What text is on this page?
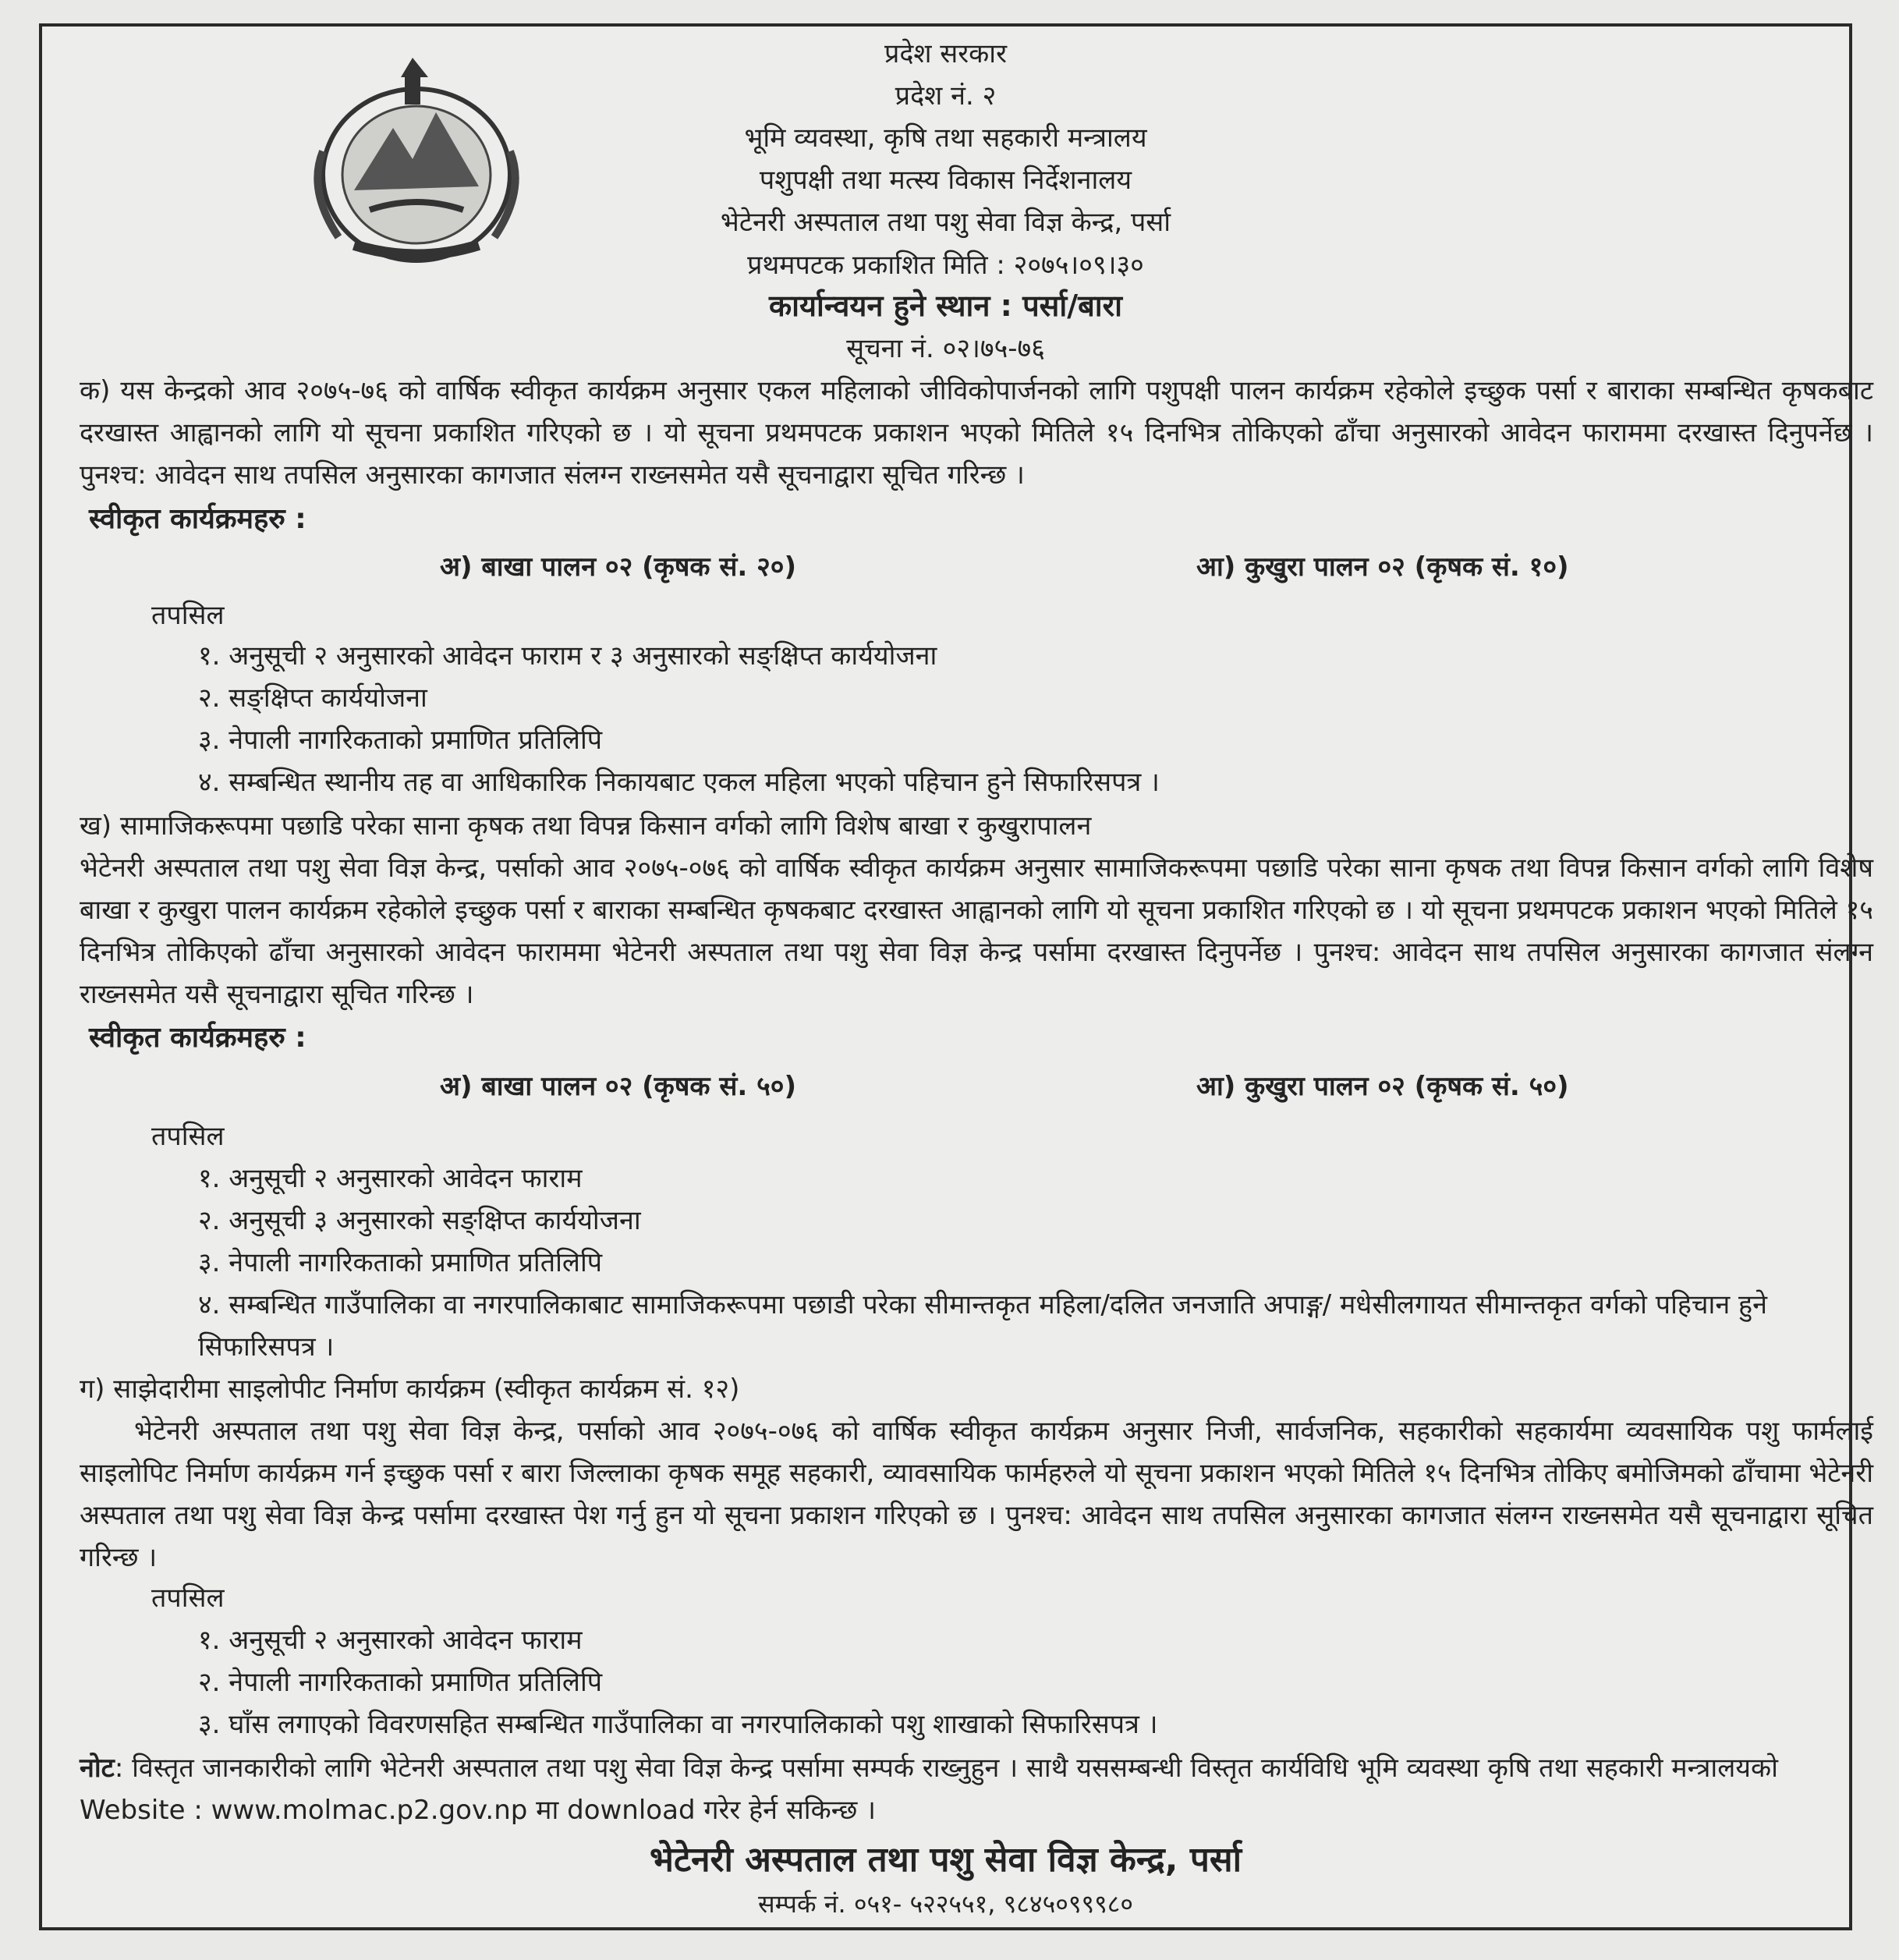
प्रदेश सरकार
प्रदेश नं. २
भूमि व्यवस्था, कृषि तथा सहकारी मन्त्रालय
पशुपक्षी तथा मत्स्य विकास निर्देशनालय
भेटेनरी अस्पताल तथा पशु सेवा विज्ञ केन्द्र, पर्सा
प्रथमपटक प्रकाशित मिति : २०७५।०९।३०
कार्यान्वयन हुने स्थान : पर्सा/बारा
सूचना नं. ०२।७५-७६
क) यस केन्द्रको आव २०७५-७६ को वार्षिक स्वीकृत कार्यक्रम अनुसार एकल महिलाको जीविकोपार्जनको लागि पशुपक्षी पालन कार्यक्रम रहेकोले इच्छुक पर्सा र बाराका सम्बन्धित कृषकबाट दरखास्त आह्वानको लागि यो सूचना प्रकाशित गरिएको छ । यो सूचना प्रथमपटक प्रकाशन भएको मितिले १५ दिनभित्र तोकिएको ढाँचा अनुसारको आवेदन फाराममा दरखास्त दिनुपर्नेछ । पुनश्च: आवेदन साथ तपसिल अनुसारका कागजात संलग्न राख्नसमेत यसै सूचनाद्वारा सूचित गरिन्छ ।
स्वीकृत कार्यक्रमहरु :
अ) बाखा पालन ०२ (कृषक सं. २०)	आ) कुखुरा पालन ०२ (कृषक सं. १०)
तपसिल
१. अनुसूची २ अनुसारको आवेदन फाराम र ३ अनुसारको सङ्क्षिप्त कार्ययोजना
२. सङ्क्षिप्त कार्ययोजना
३. नेपाली नागरिकताको प्रमाणित प्रतिलिपि
४. सम्बन्धित स्थानीय तह वा आधिकारिक निकायबाट एकल महिला भएको पहिचान हुने सिफारिसपत्र ।
ख) सामाजिकरूपमा पछाडि परेका साना कृषक तथा विपन्न किसान वर्गको लागि विशेष बाखा र कुखुरापालन
भेटेनरी अस्पताल तथा पशु सेवा विज्ञ केन्द्र, पर्साको आव २०७५-०७६ को वार्षिक स्वीकृत कार्यक्रम अनुसार सामाजिकरूपमा पछाडि परेका साना कृषक तथा विपन्न किसान वर्गको लागि विशेष बाखा र कुखुरा पालन कार्यक्रम रहेकोले इच्छुक पर्सा र बाराका सम्बन्धित कृषकबाट दरखास्त आह्वानको लागि यो सूचना प्रकाशित गरिएको छ । यो सूचना प्रथमपटक प्रकाशन भएको मितिले १५ दिनभित्र तोकिएको ढाँचा अनुसारको आवेदन फाराममा भेटेनरी अस्पताल तथा पशु सेवा विज्ञ केन्द्र पर्सामा दरखास्त दिनुपर्नेछ । पुनश्च: आवेदन साथ तपसिल अनुसारका कागजात संलग्न राख्नसमेत यसै सूचनाद्वारा सूचित गरिन्छ ।
स्वीकृत कार्यक्रमहरु :
अ) बाखा पालन ०२ (कृषक सं. ५०)	आ) कुखुरा पालन ०२ (कृषक सं. ५०)
तपसिल
१. अनुसूची २ अनुसारको आवेदन फाराम
२. अनुसूची ३ अनुसारको सङ्क्षिप्त कार्ययोजना
३. नेपाली नागरिकताको प्रमाणित प्रतिलिपि
४. सम्बन्धित गाउँपालिका वा नगरपालिकाबाट सामाजिकरूपमा पछाडी परेका सीमान्तकृत महिला/दलित जनजाति अपाङ्ग/ मधेसीलगायत सीमान्तकृत वर्गको पहिचान हुने सिफारिसपत्र ।
ग) साझेदारीमा साइलोपीट निर्माण कार्यक्रम (स्वीकृत कार्यक्रम सं. १२)
भेटेनरी अस्पताल तथा पशु सेवा विज्ञ केन्द्र, पर्साको आव २०७५-०७६ को वार्षिक स्वीकृत कार्यक्रम अनुसार निजी, सार्वजनिक, सहकारीको सहकार्यमा व्यवसायिक पशु फार्मलाई साइलोपिट निर्माण कार्यक्रम गर्न इच्छुक पर्सा र बारा जिल्लाका कृषक समूह सहकारी, व्यावसायिक फार्महरुले यो सूचना प्रकाशन भएको मितिले १५ दिनभित्र तोकिए बमोजिमको ढाँचामा भेटेनरी अस्पताल तथा पशु सेवा विज्ञ केन्द्र पर्सामा दरखास्त पेश गर्नु हुन यो सूचना प्रकाशन गरिएको छ । पुनश्च: आवेदन साथ तपसिल अनुसारका कागजात संलग्न राख्नसमेत यसै सूचनाद्वारा सूचित गरिन्छ ।
तपसिल
१. अनुसूची २ अनुसारको आवेदन फाराम
२. नेपाली नागरिकताको प्रमाणित प्रतिलिपि
३. घाँस लगाएको विवरणसहित सम्बन्धित गाउँपालिका वा नगरपालिकाको पशु शाखाको सिफारिसपत्र ।
नोट: विस्तृत जानकारीको लागि भेटेनरी अस्पताल तथा पशु सेवा विज्ञ केन्द्र पर्सामा सम्पर्क राख्नुहुन । साथै यससम्बन्धी विस्तृत कार्यविधि भूमि व्यवस्था कृषि तथा सहकारी मन्त्रालयको Website : www.molmac.p2.gov.np मा download गरेर हेर्न सकिन्छ ।
भेटेनरी अस्पताल तथा पशु सेवा विज्ञ केन्द्र, पर्सा
सम्पर्क नं. ०५१- ५२२५५१, ९८४५०९९९८०
